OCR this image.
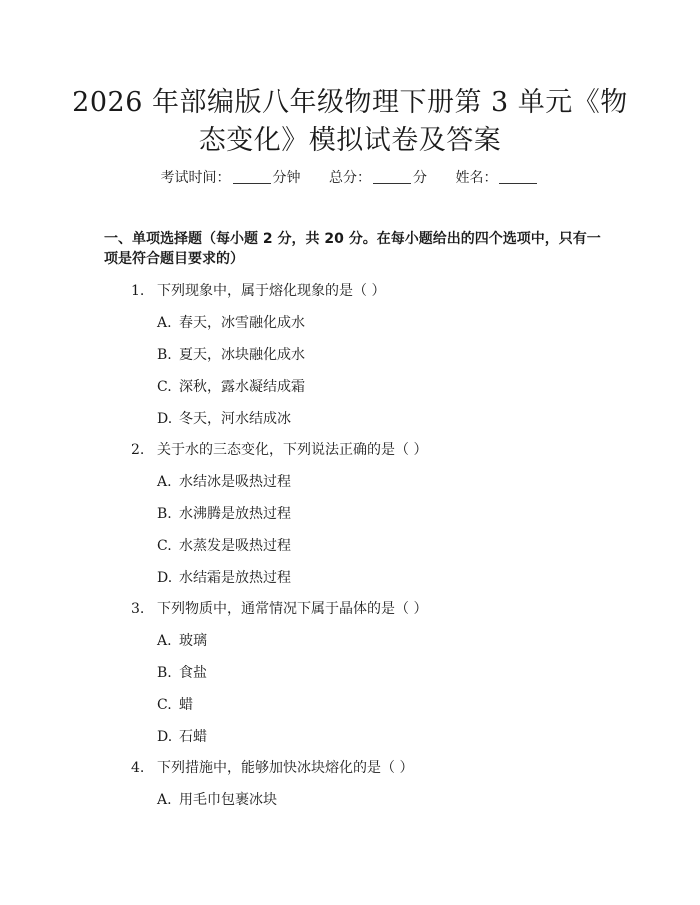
2026 年部编版八年级物理下册第 3 单元《物
态变化》模拟试卷及答案
考试时间：	分钟 总分：	分 姓名：
一、单项选择题（每小题 2 分，共 20 分。在每小题给出的四个选项中，只有一项是符合题目要求的）
1. 下列现象中，属于熔化现象的是（ ）
A. 春天，冰雪融化成水
B. 夏天，冰块融化成水
C. 深秋，露水凝结成霜
D. 冬天，河水结成冰
2. 关于水的三态变化，下列说法正确的是（ ）
A. 水结冰是吸热过程
B. 水沸腾是放热过程
C. 水蒸发是吸热过程
D. 水结霜是放热过程
3. 下列物质中，通常情况下属于晶体的是（ ）
A. 玻璃
B. 食盐
C. 蜡
D. 石蜡
4. 下列措施中，能够加快冰块熔化的是（ ）
A. 用毛巾包裹冰块
